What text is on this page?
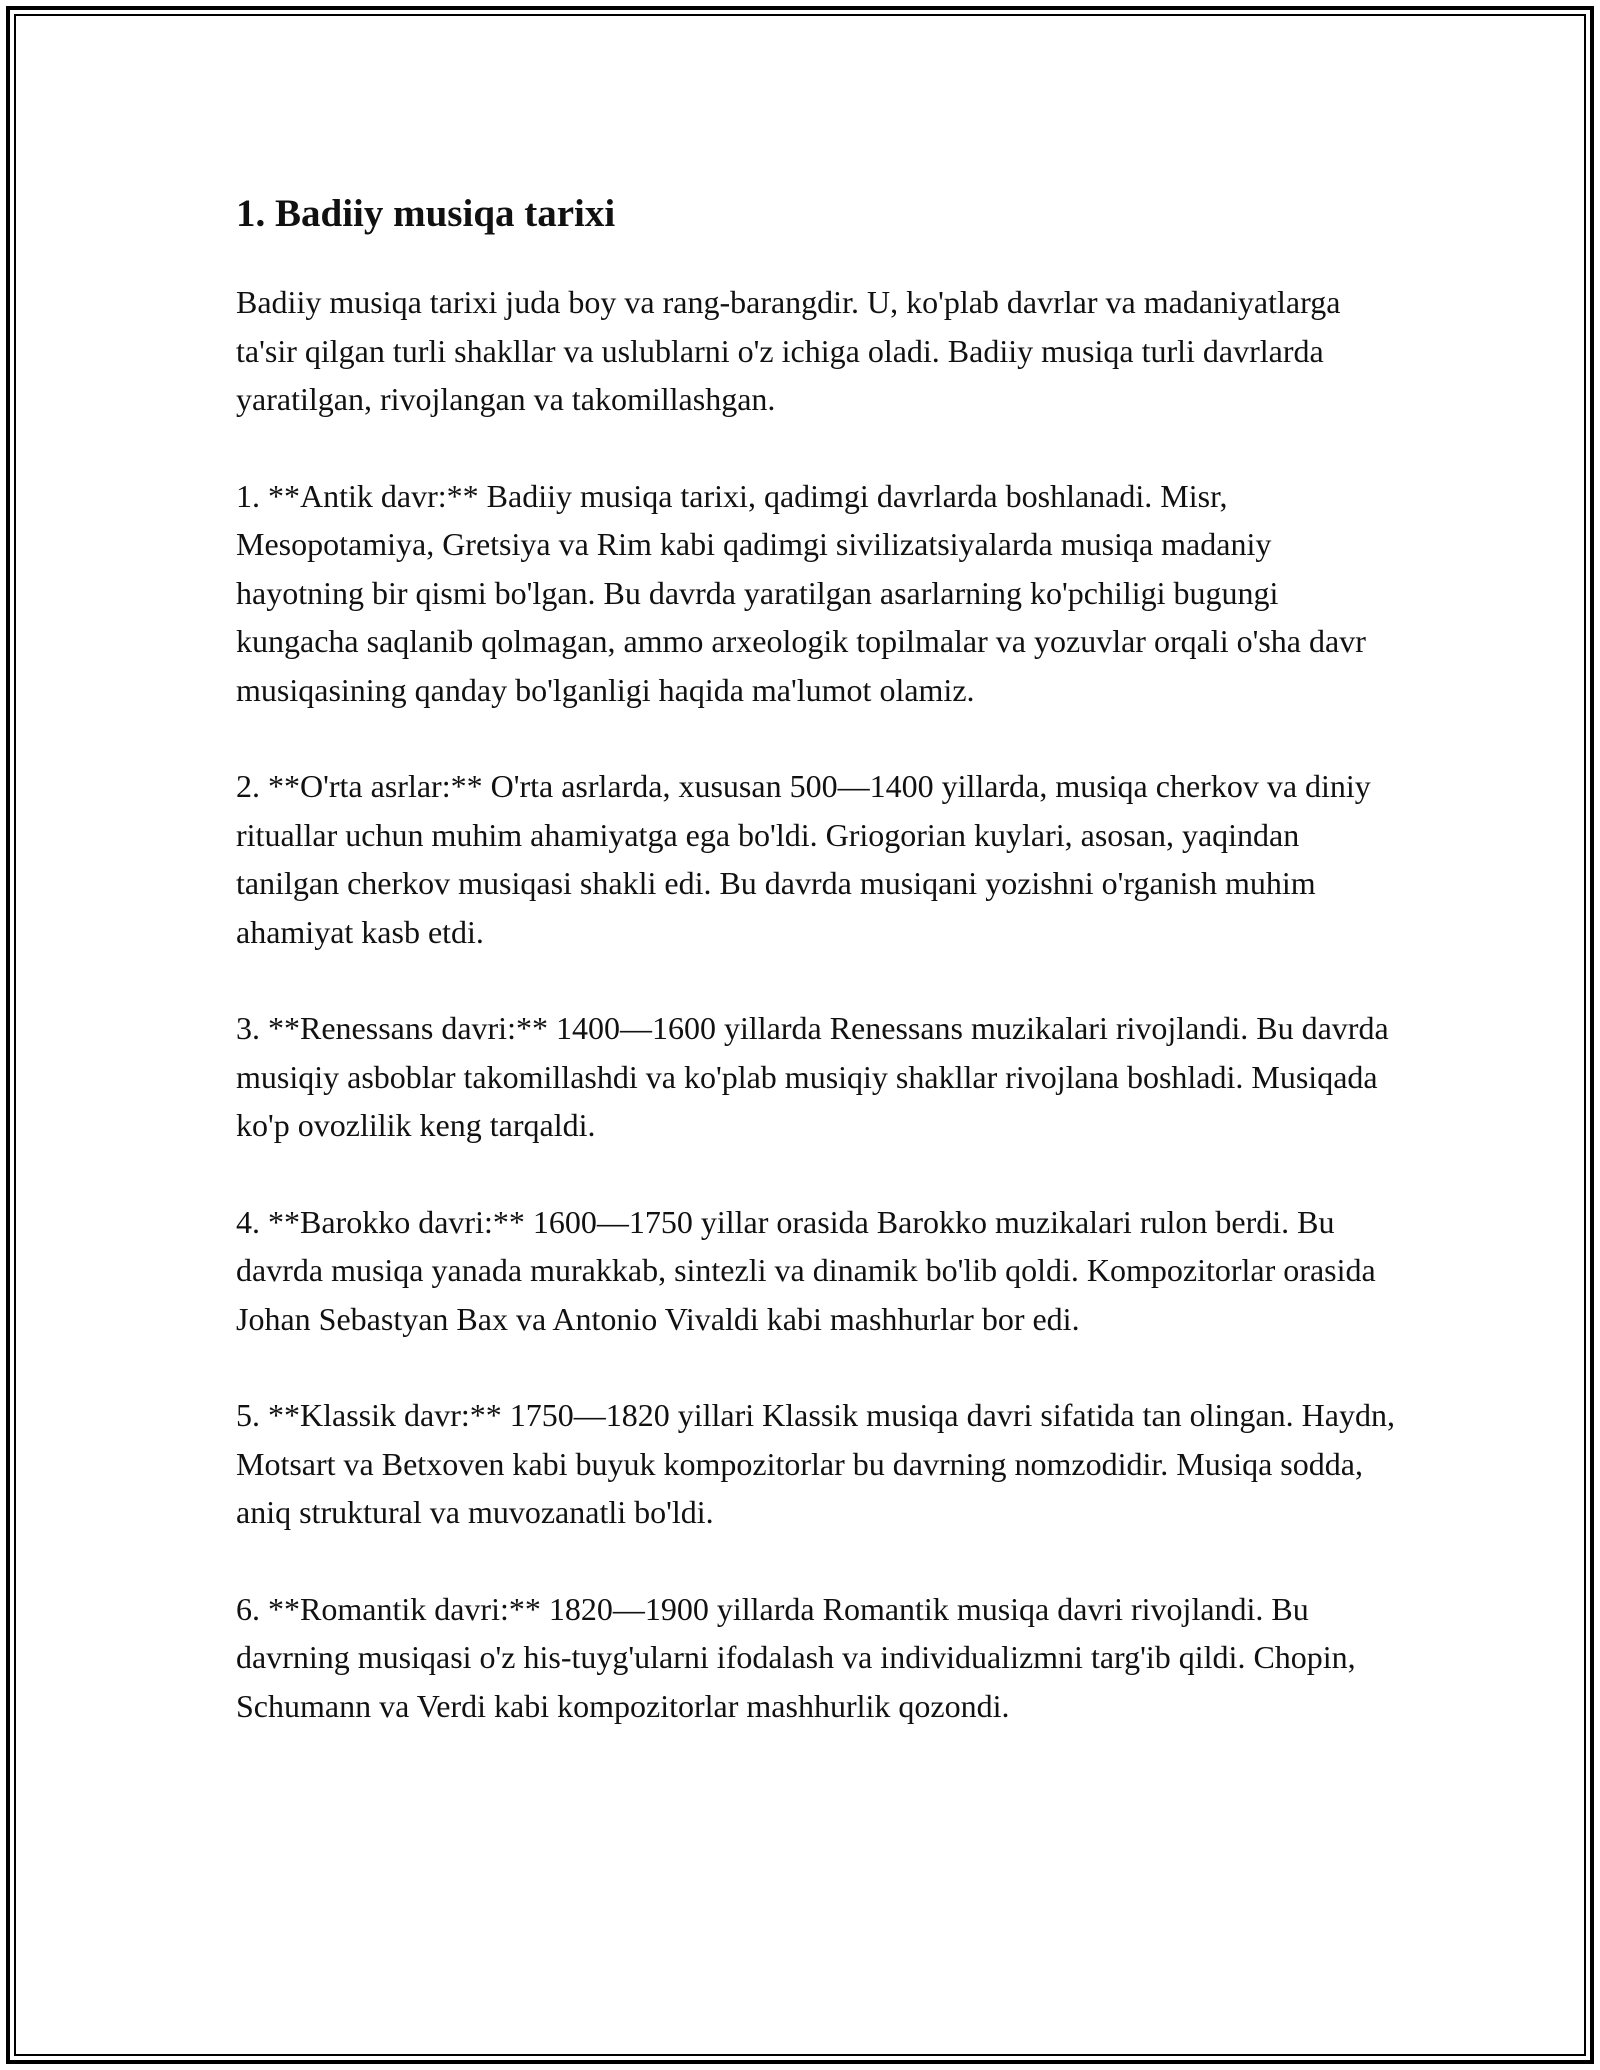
1. Badiiy musiqa tarixi

Badiiy musiqa tarixi juda boy va rang-barangdir. U, ko'plab davrlar va madaniyatlarga ta'sir qilgan turli shakllar va uslublarni o'z ichiga oladi. Badiiy musiqa turli davrlarda yaratilgan, rivojlangan va takomillashgan.

1. **Antik davr:** Badiiy musiqa tarixi, qadimgi davrlarda boshlanadi. Misr, Mesopotamiya, Gretsiya va Rim kabi qadimgi sivilizatsiyalarda musiqa madaniy hayotning bir qismi bo'lgan. Bu davrda yaratilgan asarlarning ko'pchiligi bugungi kungacha saqlanib qolmagan, ammo arxeologik topilmalar va yozuvlar orqali o'sha davr musiqasining qanday bo'lganligi haqida ma'lumot olamiz.
2. **O'rta asrlar:** O'rta asrlarda, xususan 500—1400 yillarda, musiqa cherkov va diniy rituallar uchun muhim ahamiyatga ega bo'ldi. Griogorian kuylari, asosan, yaqindan tanilgan cherkov musiqasi shakli edi. Bu davrda musiqani yozishni o'rganish muhim ahamiyat kasb etdi.
3. **Renessans davri:** 1400—1600 yillarda Renessans muzikalari rivojlandi. Bu davrda musiqiy asboblar takomillashdi va ko'plab musiqiy shakllar rivojlana boshladi. Musiqada ko'p ovozlilik keng tarqaldi.
4. **Barokko davri:** 1600—1750 yillar orasida Barokko muzikalari rulon berdi. Bu davrda musiqa yanada murakkab, sintezli va dinamik bo'lib qoldi. Kompozitorlar orasida Johan Sebastyan Bax va Antonio Vivaldi kabi mashhurlar bor edi.
5. **Klassik davr:** 1750—1820 yillari Klassik musiqa davri sifatida tan olingan. Haydn, Motsart va Betxoven kabi buyuk kompozitorlar bu davrning nomzodidir. Musiqa sodda, aniq struktural va muvozanatli bo'ldi.
6. **Romantik davri:** 1820—1900 yillarda Romantik musiqa davri rivojlandi. Bu davrning musiqasi o'z his-tuyg'ularni ifodalash va individualizmni targ'ib qildi. Chopin, Schumann va Verdi kabi kompozitorlar mashhurlik qozondi.
